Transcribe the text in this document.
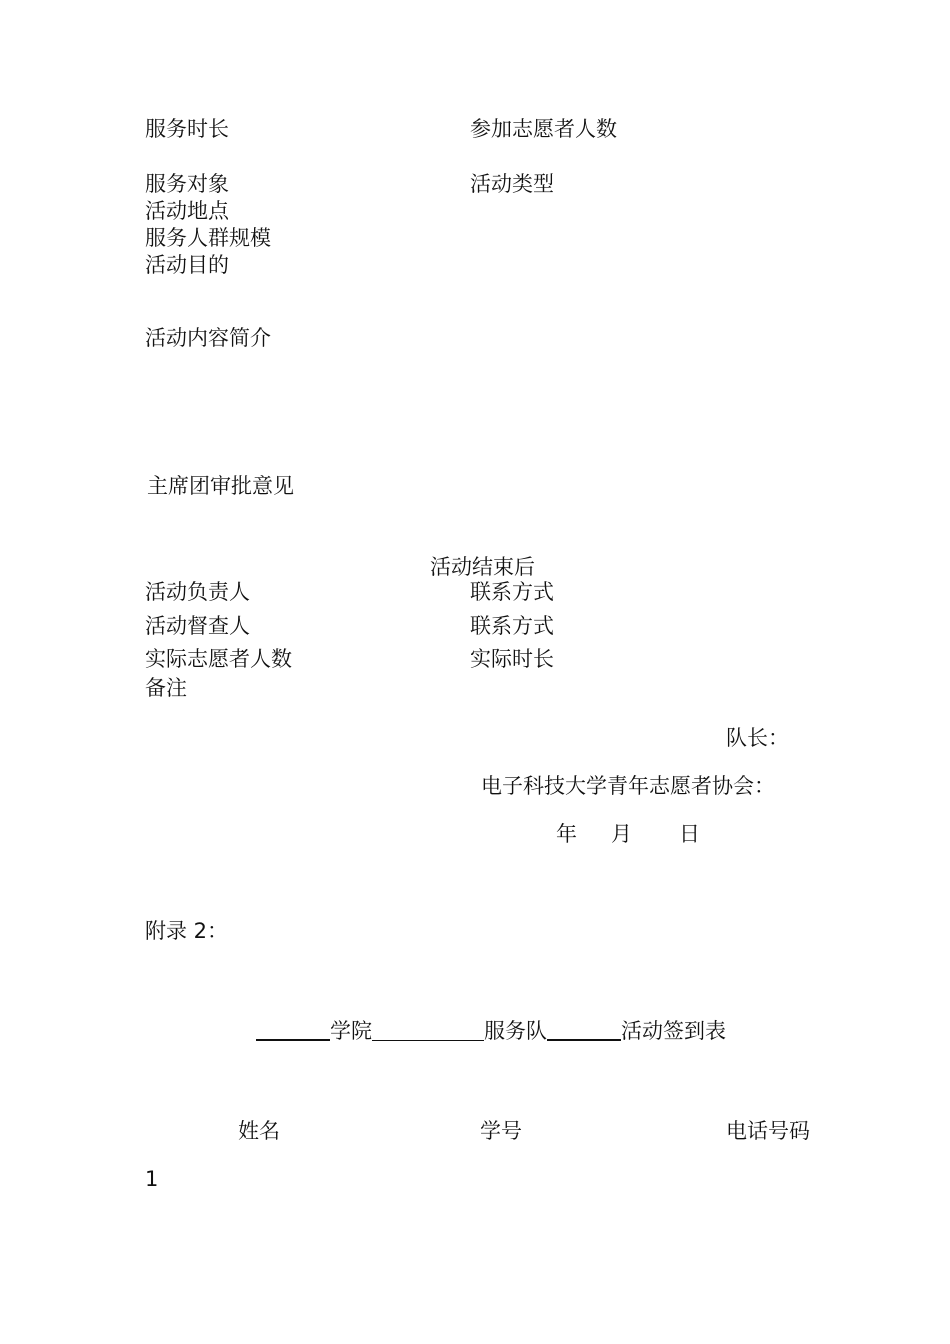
服务时长	参加志愿者人数
服务对象	活动类型
活动地点
服务人群规模
活动目的
活动内容简介
主席团审批意见
活动结束后
活动负责人	联系方式
活动督查人	联系方式
实际志愿者人数	实际时长
备注
队长：
电子科技大学青年志愿者协会：
年 月 日
附录 2：
学院	服务队	活动签到表
姓名	学号	电话号码
1
